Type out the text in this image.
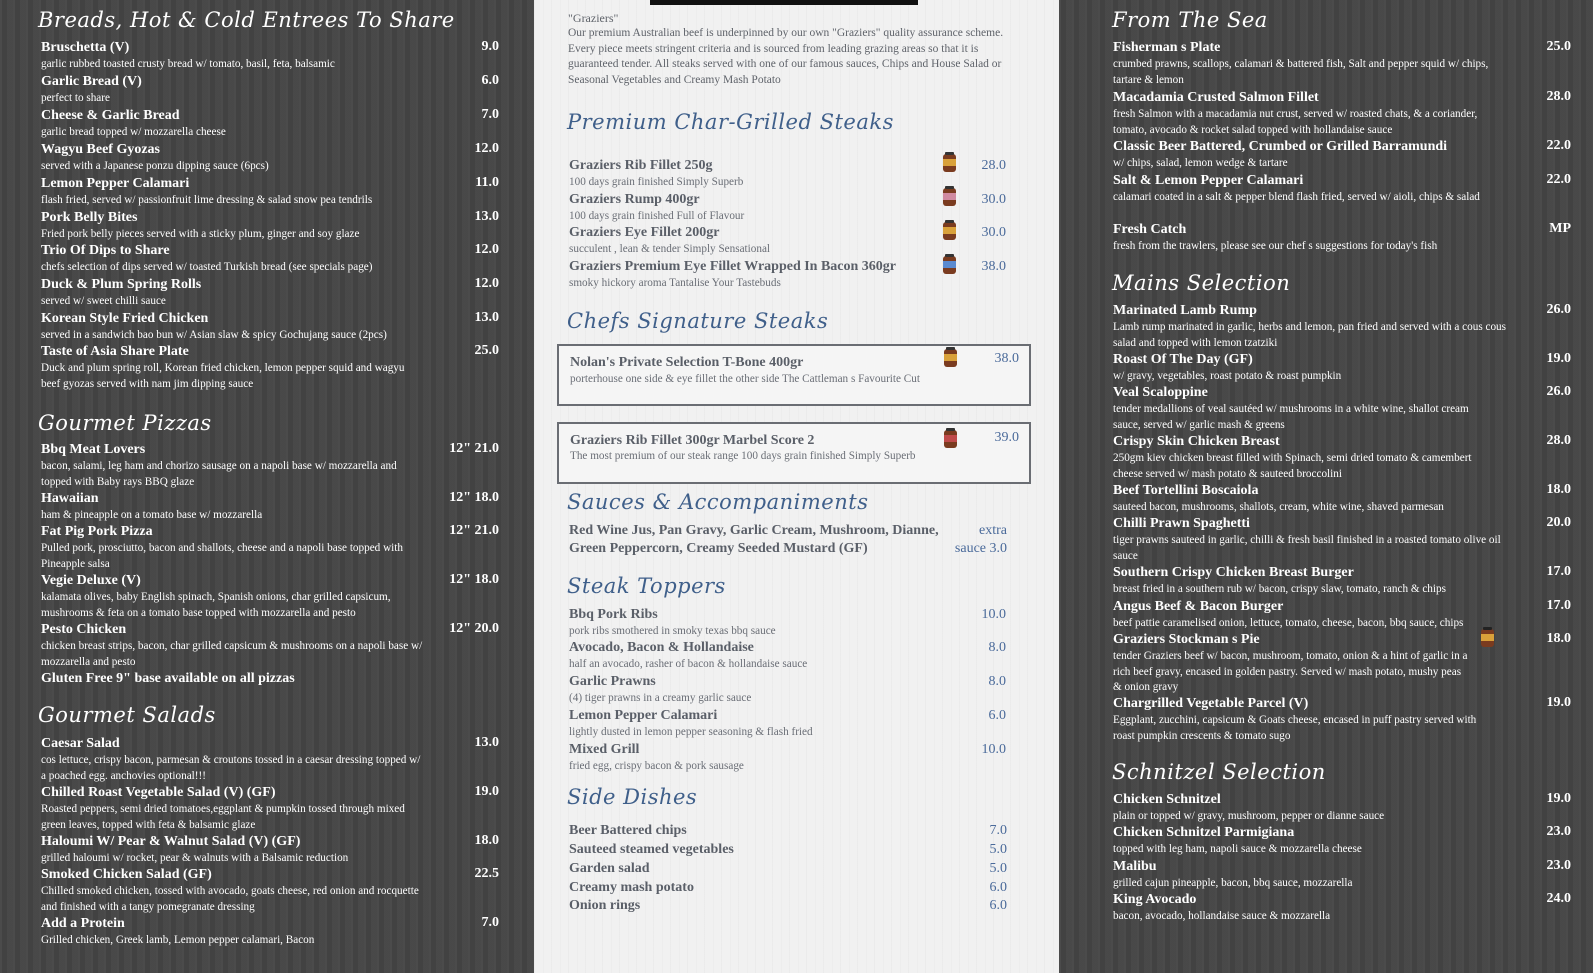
Breads, Hot & Cold Entrees To Share
Bruschetta (V)	9.0
garlic rubbed toasted crusty bread w/ tomato, basil, feta, balsamic
Garlic Bread (V)	6.0
perfect to share
Cheese & Garlic Bread	7.0
garlic bread topped w/ mozzarella cheese
Wagyu Beef Gyozas	12.0
served with a Japanese ponzu dipping sauce (6pcs)
Lemon Pepper Calamari	11.0
flash fried, served w/ passionfruit lime dressing & salad snow pea tendrils
Pork Belly Bites	13.0
Fried pork belly pieces served with a sticky plum, ginger and soy glaze
Trio Of Dips to Share	12.0
chefs selection of dips served w/ toasted Turkish bread (see specials page)
Duck & Plum Spring Rolls	12.0
served w/ sweet chilli sauce
Korean Style Fried Chicken	13.0
served in a sandwich bao bun w/ Asian slaw & spicy Gochujang sauce (2pcs)
Taste of Asia Share Plate	25.0
Duck and plum spring roll, Korean fried chicken, lemon pepper squid and wagyu beef gyozas served with nam jim dipping sauce
Gourmet Pizzas
Bbq Meat Lovers	12" 21.0
bacon, salami, leg ham and chorizo sausage on a napoli base w/ mozzarella and topped with Baby rays BBQ glaze
Hawaiian	12" 18.0
ham & pineapple on a tomato base w/ mozzarella
Fat Pig Pork Pizza	12" 21.0
Pulled pork, prosciutto, bacon and shallots, cheese and a napoli base topped with Pineapple salsa
Vegie Deluxe (V)	12" 18.0
kalamata olives, baby English spinach, Spanish onions, char grilled capsicum, mushrooms & feta on a tomato base topped with mozzarella and pesto
Pesto Chicken	12" 20.0
chicken breast strips, bacon, char grilled capsicum & mushrooms on a napoli base w/ mozzarella and pesto
Gluten Free 9" base available on all pizzas
Gourmet Salads
Caesar Salad	13.0
cos lettuce, crispy bacon, parmesan & croutons tossed in a caesar dressing topped w/ a poached egg. anchovies optional!!!
Chilled Roast Vegetable Salad (V) (GF)	19.0
Roasted peppers, semi dried tomatoes,eggplant & pumpkin tossed through mixed green leaves, topped with feta & balsamic glaze
Haloumi W/ Pear & Walnut Salad (V) (GF)	18.0
grilled haloumi w/ rocket, pear & walnuts with a Balsamic reduction
Smoked Chicken Salad (GF)	22.5
Chilled smoked chicken, tossed with avocado, goats cheese, red onion and rocquette and finished with a tangy pomegranate dressing
Add a Protein	7.0
Grilled chicken, Greek lamb, Lemon pepper calamari, Bacon
"Graziers"
Our premium Australian beef is underpinned by our own "Graziers" quality assurance scheme. Every piece meets stringent criteria and is sourced from leading grazing areas so that it is guaranteed tender. All steaks served with one of our famous sauces, Chips and House Salad or Seasonal Vegetables and Creamy Mash Potato
Premium Char-Grilled Steaks
Graziers Rib Fillet 250g	28.0
100 days grain finished Simply Superb
Graziers Rump 400gr	30.0
100 days grain finished Full of Flavour
Graziers Eye Fillet 200gr	30.0
succulent , lean & tender Simply Sensational
Graziers Premium Eye Fillet Wrapped In Bacon 360gr	38.0
smoky hickory aroma Tantalise Your Tastebuds
Chefs Signature Steaks
Nolan's Private Selection T-Bone 400gr	38.0
porterhouse one side & eye fillet the other side The Cattleman s Favourite Cut
Graziers Rib Fillet 300gr Marbel Score 2	39.0
The most premium of our steak range 100 days grain finished Simply Superb
Sauces & Accompaniments
Red Wine Jus, Pan Gravy, Garlic Cream, Mushroom, Dianne, Green Peppercorn, Creamy Seeded Mustard (GF)
extra
sauce 3.0
Steak Toppers
Bbq Pork Ribs	10.0
pork ribs smothered in smoky texas bbq sauce
Avocado, Bacon & Hollandaise	8.0
half an avocado, rasher of bacon & hollandaise sauce
Garlic Prawns	8.0
(4) tiger prawns in a creamy garlic sauce
Lemon Pepper Calamari	6.0
lightly dusted in lemon pepper seasoning & flash fried
Mixed Grill	10.0
fried egg, crispy bacon & pork sausage
Side Dishes
Beer Battered chips	7.0
Sauteed steamed vegetables	5.0
Garden salad	5.0
Creamy mash potato	6.0
Onion rings	6.0
From The Sea
Fisherman s Plate	25.0
crumbed prawns, scallops, calamari & battered fish, Salt and pepper squid w/ chips, tartare & lemon
Macadamia Crusted Salmon Fillet	28.0
fresh Salmon with a macadamia nut crust, served w/ roasted chats, & a coriander, tomato, avocado & rocket salad topped with hollandaise sauce
Classic Beer Battered, Crumbed or Grilled Barramundi	22.0
w/ chips, salad, lemon wedge & tartare
Salt & Lemon Pepper Calamari	22.0
calamari coated in a salt & pepper blend flash fried, served w/ aioli, chips & salad
Fresh Catch	MP
fresh from the trawlers, please see our chef s suggestions for today's fish
Mains Selection
Marinated Lamb Rump	26.0
Lamb rump marinated in garlic, herbs and lemon, pan fried and served with a cous cous salad and topped with lemon tzatziki
Roast Of The Day (GF)	19.0
w/ gravy, vegetables, roast potato & roast pumpkin
Veal Scaloppine	26.0
tender medallions of veal sautéed w/ mushrooms in a white wine, shallot cream sauce, served w/ garlic mash & greens
Crispy Skin Chicken Breast	28.0
250gm kiev chicken breast filled with Spinach, semi dried tomato & camembert cheese served w/ mash potato & sauteed broccolini
Beef Tortellini Boscaiola	18.0
sauteed bacon, mushrooms, shallots, cream, white wine, shaved parmesan
Chilli Prawn Spaghetti	20.0
tiger prawns sauteed in garlic, chilli & fresh basil finished in a roasted tomato olive oil sauce
Southern Crispy Chicken Breast Burger	17.0
breast fried in a southern rub w/ bacon, crispy slaw, tomato, ranch & chips
Angus Beef & Bacon Burger	17.0
beef pattie caramelised onion, lettuce, tomato, cheese, bacon, bbq sauce, chips
Graziers Stockman s Pie	18.0
tender Graziers beef w/ bacon, mushroom, tomato, onion & a hint of garlic in a rich beef gravy, encased in golden pastry. Served w/ mash potato, mushy peas & onion gravy
Chargrilled Vegetable Parcel (V)	19.0
Eggplant, zucchini, capsicum & Goats cheese, encased in puff pastry served with roast pumpkin crescents & tomato sugo
Schnitzel Selection
Chicken Schnitzel	19.0
plain or topped w/ gravy, mushroom, pepper or dianne sauce
Chicken Schnitzel Parmigiana	23.0
topped with leg ham, napoli sauce & mozzarella cheese
Malibu	23.0
grilled cajun pineapple, bacon, bbq sauce, mozzarella
King Avocado	24.0
bacon, avocado, hollandaise sauce & mozzarella
